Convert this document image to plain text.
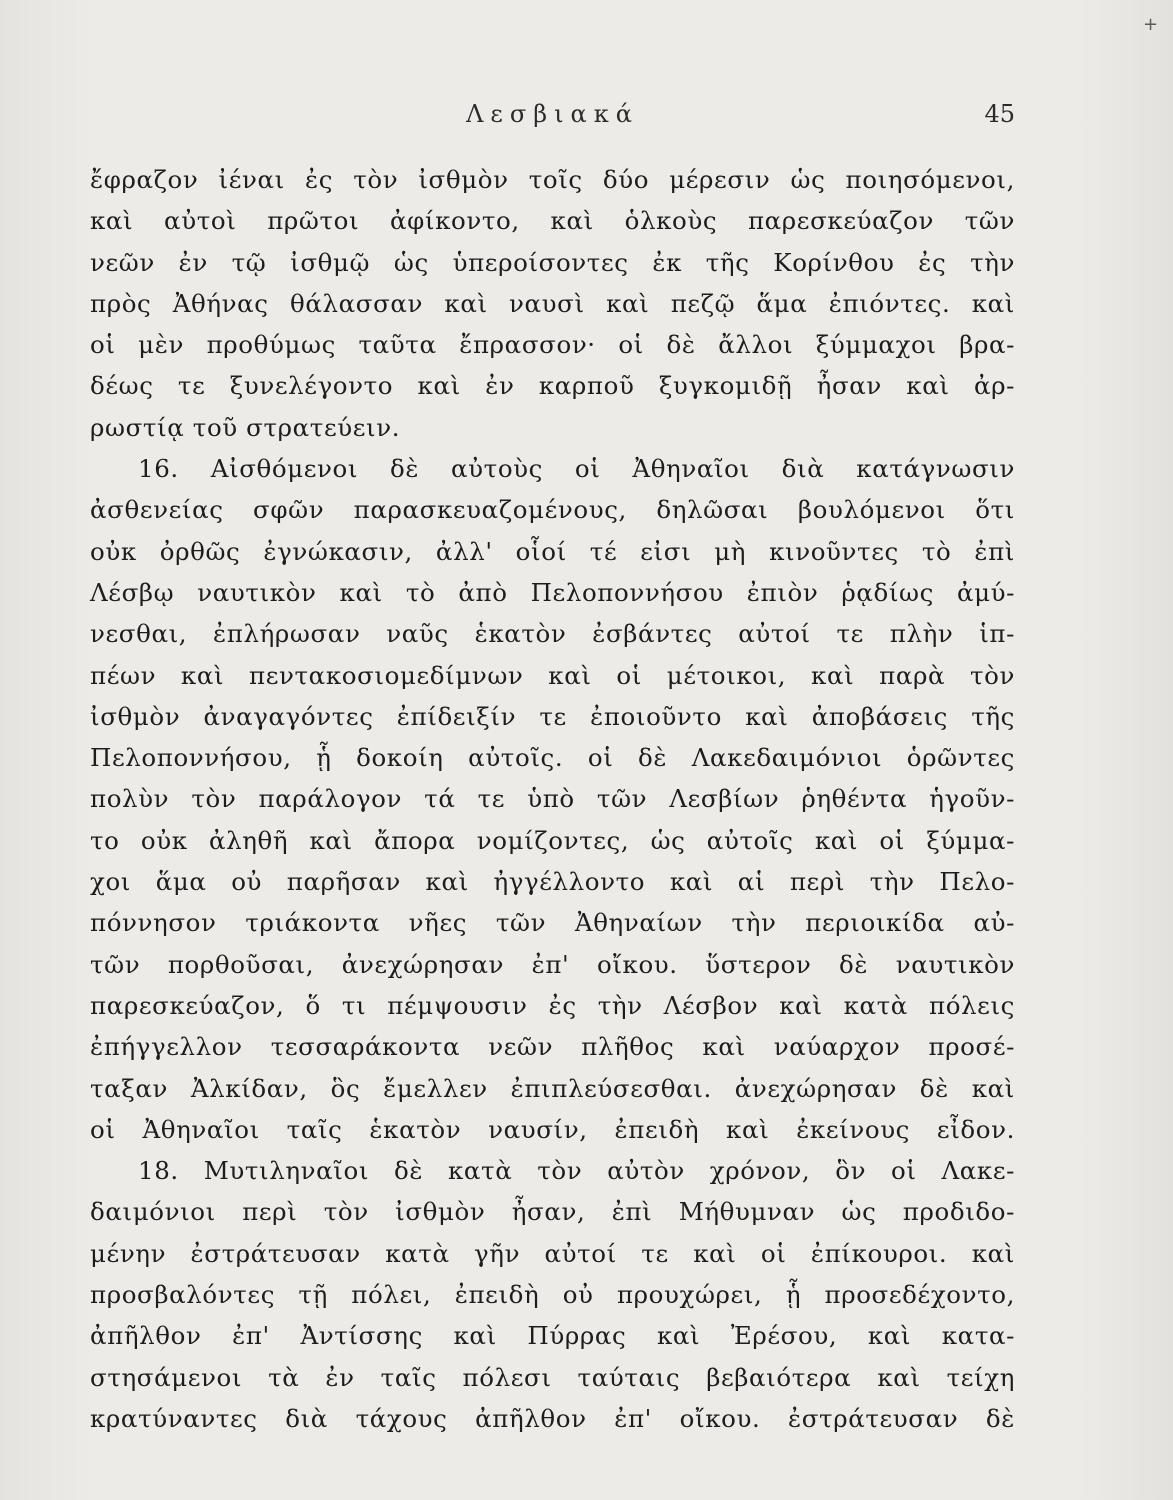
+
Λεσβιακά	45
ἔφραζον ἰέναι ἐς τὸν ἰσθμὸν τοῖς δύο μέρεσιν ὡς ποιησόμενοι,
καὶ αὐτοὶ πρῶτοι ἀφίκοντο, καὶ ὁλκοὺς παρεσκεύαζον τῶν
νεῶν ἐν τῷ ἰσθμῷ ὡς ὑπεροίσοντες ἐκ τῆς Κορίνθου ἐς τὴν
πρὸς Ἀθήνας θάλασσαν καὶ ναυσὶ καὶ πεζῷ ἅμα ἐπιόντες. καὶ
οἱ μὲν προθύμως ταῦτα ἔπρασσον· οἱ δὲ ἄλλοι ξύμμαχοι βρα-
δέως τε ξυνελέγοντο καὶ ἐν καρποῦ ξυγκομιδῇ ἦσαν καὶ ἀρ-
ρωστίᾳ τοῦ στρατεύειν.
16. Αἰσθόμενοι δὲ αὐτοὺς οἱ Ἀθηναῖοι διὰ κατάγνωσιν
ἀσθενείας σφῶν παρασκευαζομένους, δηλῶσαι βουλόμενοι ὅτι
οὐκ ὀρθῶς ἐγνώκασιν, ἀλλ' οἷοί τέ εἰσι μὴ κινοῦντες τὸ ἐπὶ
Λέσβῳ ναυτικὸν καὶ τὸ ἀπὸ Πελοποννήσου ἐπιὸν ῥᾳδίως ἀμύ-
νεσθαι, ἐπλήρωσαν ναῦς ἑκατὸν ἐσβάντες αὐτοί τε πλὴν ἱπ-
πέων καὶ πεντακοσιομεδίμνων καὶ οἱ μέτοικοι, καὶ παρὰ τὸν
ἰσθμὸν ἀναγαγόντες ἐπίδειξίν τε ἐποιοῦντο καὶ ἀποβάσεις τῆς
Πελοποννήσου, ᾗ δοκοίη αὐτοῖς. οἱ δὲ Λακεδαιμόνιοι ὁρῶντες
πολὺν τὸν παράλογον τά τε ὑπὸ τῶν Λεσβίων ῥηθέντα ἡγοῦν-
το οὐκ ἀληθῆ καὶ ἄπορα νομίζοντες, ὡς αὐτοῖς καὶ οἱ ξύμμα-
χοι ἅμα οὐ παρῆσαν καὶ ἠγγέλλοντο καὶ αἱ περὶ τὴν Πελο-
πόννησον τριάκοντα νῆες τῶν Ἀθηναίων τὴν περιοικίδα αὐ-
τῶν πορθοῦσαι, ἀνεχώρησαν ἐπ' οἴκου. ὕστερον δὲ ναυτικὸν
παρεσκεύαζον, ὅ τι πέμψουσιν ἐς τὴν Λέσβον καὶ κατὰ πόλεις
ἐπήγγελλον τεσσαράκοντα νεῶν πλῆθος καὶ ναύαρχον προσέ-
ταξαν Ἀλκίδαν, ὃς ἔμελλεν ἐπιπλεύσεσθαι. ἀνεχώρησαν δὲ καὶ
οἱ Ἀθηναῖοι ταῖς ἑκατὸν ναυσίν, ἐπειδὴ καὶ ἐκείνους εἶδον.
18. Μυτιληναῖοι δὲ κατὰ τὸν αὐτὸν χρόνον, ὃν οἱ Λακε-
δαιμόνιοι περὶ τὸν ἰσθμὸν ἦσαν, ἐπὶ Μήθυμναν ὡς προδιδο-
μένην ἐστράτευσαν κατὰ γῆν αὐτοί τε καὶ οἱ ἐπίκουροι. καὶ
προσβαλόντες τῇ πόλει, ἐπειδὴ οὐ προυχώρει, ᾗ προσεδέχοντο,
ἀπῆλθον ἐπ' Ἀντίσσης καὶ Πύρρας καὶ Ἐρέσου, καὶ κατα-
στησάμενοι τὰ ἐν ταῖς πόλεσι ταύταις βεβαιότερα καὶ τείχη
κρατύναντες διὰ τάχους ἀπῆλθον ἐπ' οἴκου. ἐστράτευσαν δὲ
